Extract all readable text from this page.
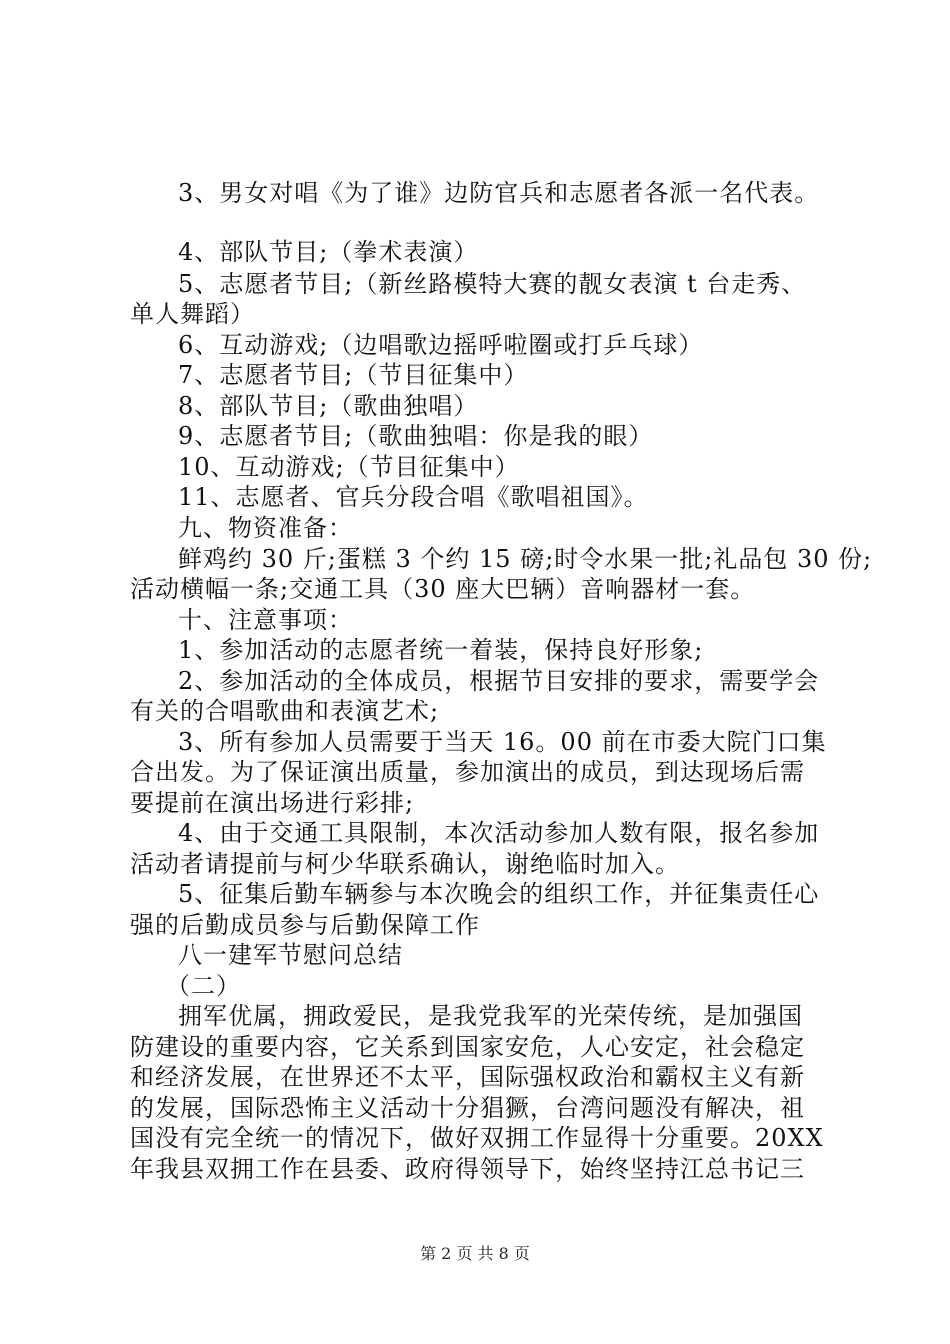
3、男女对唱《为了谁》边防官兵和志愿者各派一名代表。
4、部队节目;（拳术表演）
5、志愿者节目;（新丝路模特大赛的靓女表演 t 台走秀、
单人舞蹈）
6、互动游戏;（边唱歌边摇呼啦圈或打乒乓球）
7、志愿者节目;（节目征集中）
8、部队节目;（歌曲独唱）
9、志愿者节目;（歌曲独唱：你是我的眼）
10、互动游戏;（节目征集中）
11、志愿者、官兵分段合唱《歌唱祖国》。
九、物资准备：
鲜鸡约 30 斤;蛋糕 3 个约 15 磅;时令水果一批;礼品包 30 份;
活动横幅一条;交通工具（30 座大巴辆）音响器材一套。
十、注意事项：
1、参加活动的志愿者统一着装，保持良好形象;
2、参加活动的全体成员，根据节目安排的要求，需要学会
有关的合唱歌曲和表演艺术;
3、所有参加人员需要于当天 16。00 前在市委大院门口集
合出发。为了保证演出质量，参加演出的成员，到达现场后需
要提前在演出场进行彩排;
4、由于交通工具限制，本次活动参加人数有限，报名参加
活动者请提前与柯少华联系确认，谢绝临时加入。
5、征集后勤车辆参与本次晚会的组织工作，并征集责任心
强的后勤成员参与后勤保障工作
八一建军节慰问总结
（二）
拥军优属，拥政爱民，是我党我军的光荣传统，是加强国
防建设的重要内容，它关系到国家安危，人心安定，社会稳定
和经济发展，在世界还不太平，国际强权政治和霸权主义有新
的发展，国际恐怖主义活动十分猖獗，台湾问题没有解决，祖
国没有完全统一的情况下，做好双拥工作显得十分重要。20XX
年我县双拥工作在县委、政府得领导下，始终坚持江总书记三
第 2 页 共 8 页
